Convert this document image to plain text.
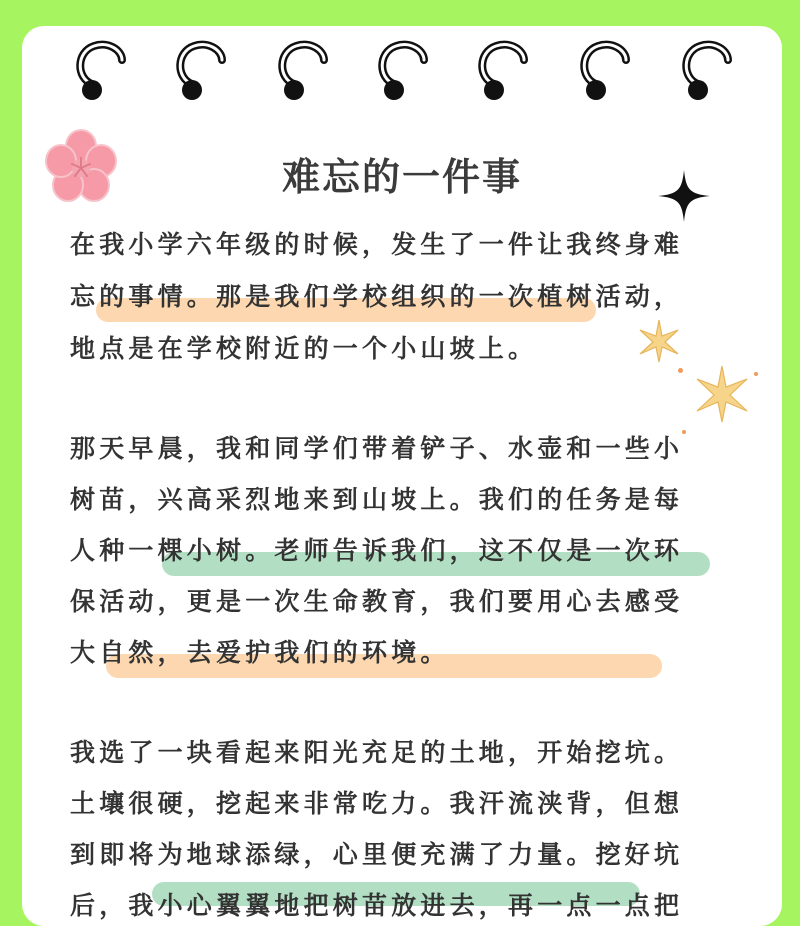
难忘的一件事
在我小学六年级的时候，发生了一件让我终身难
忘的事情。那是我们学校组织的一次植树活动，
地点是在学校附近的一个小山坡上。
那天早晨，我和同学们带着铲子、水壶和一些小
树苗，兴高采烈地来到山坡上。我们的任务是每
人种一棵小树。老师告诉我们，这不仅是一次环
保活动，更是一次生命教育，我们要用心去感受
大自然，去爱护我们的环境。
我选了一块看起来阳光充足的土地，开始挖坑。
土壤很硬，挖起来非常吃力。我汗流浃背，但想
到即将为地球添绿，心里便充满了力量。挖好坑
后，我小心翼翼地把树苗放进去，再一点一点把
